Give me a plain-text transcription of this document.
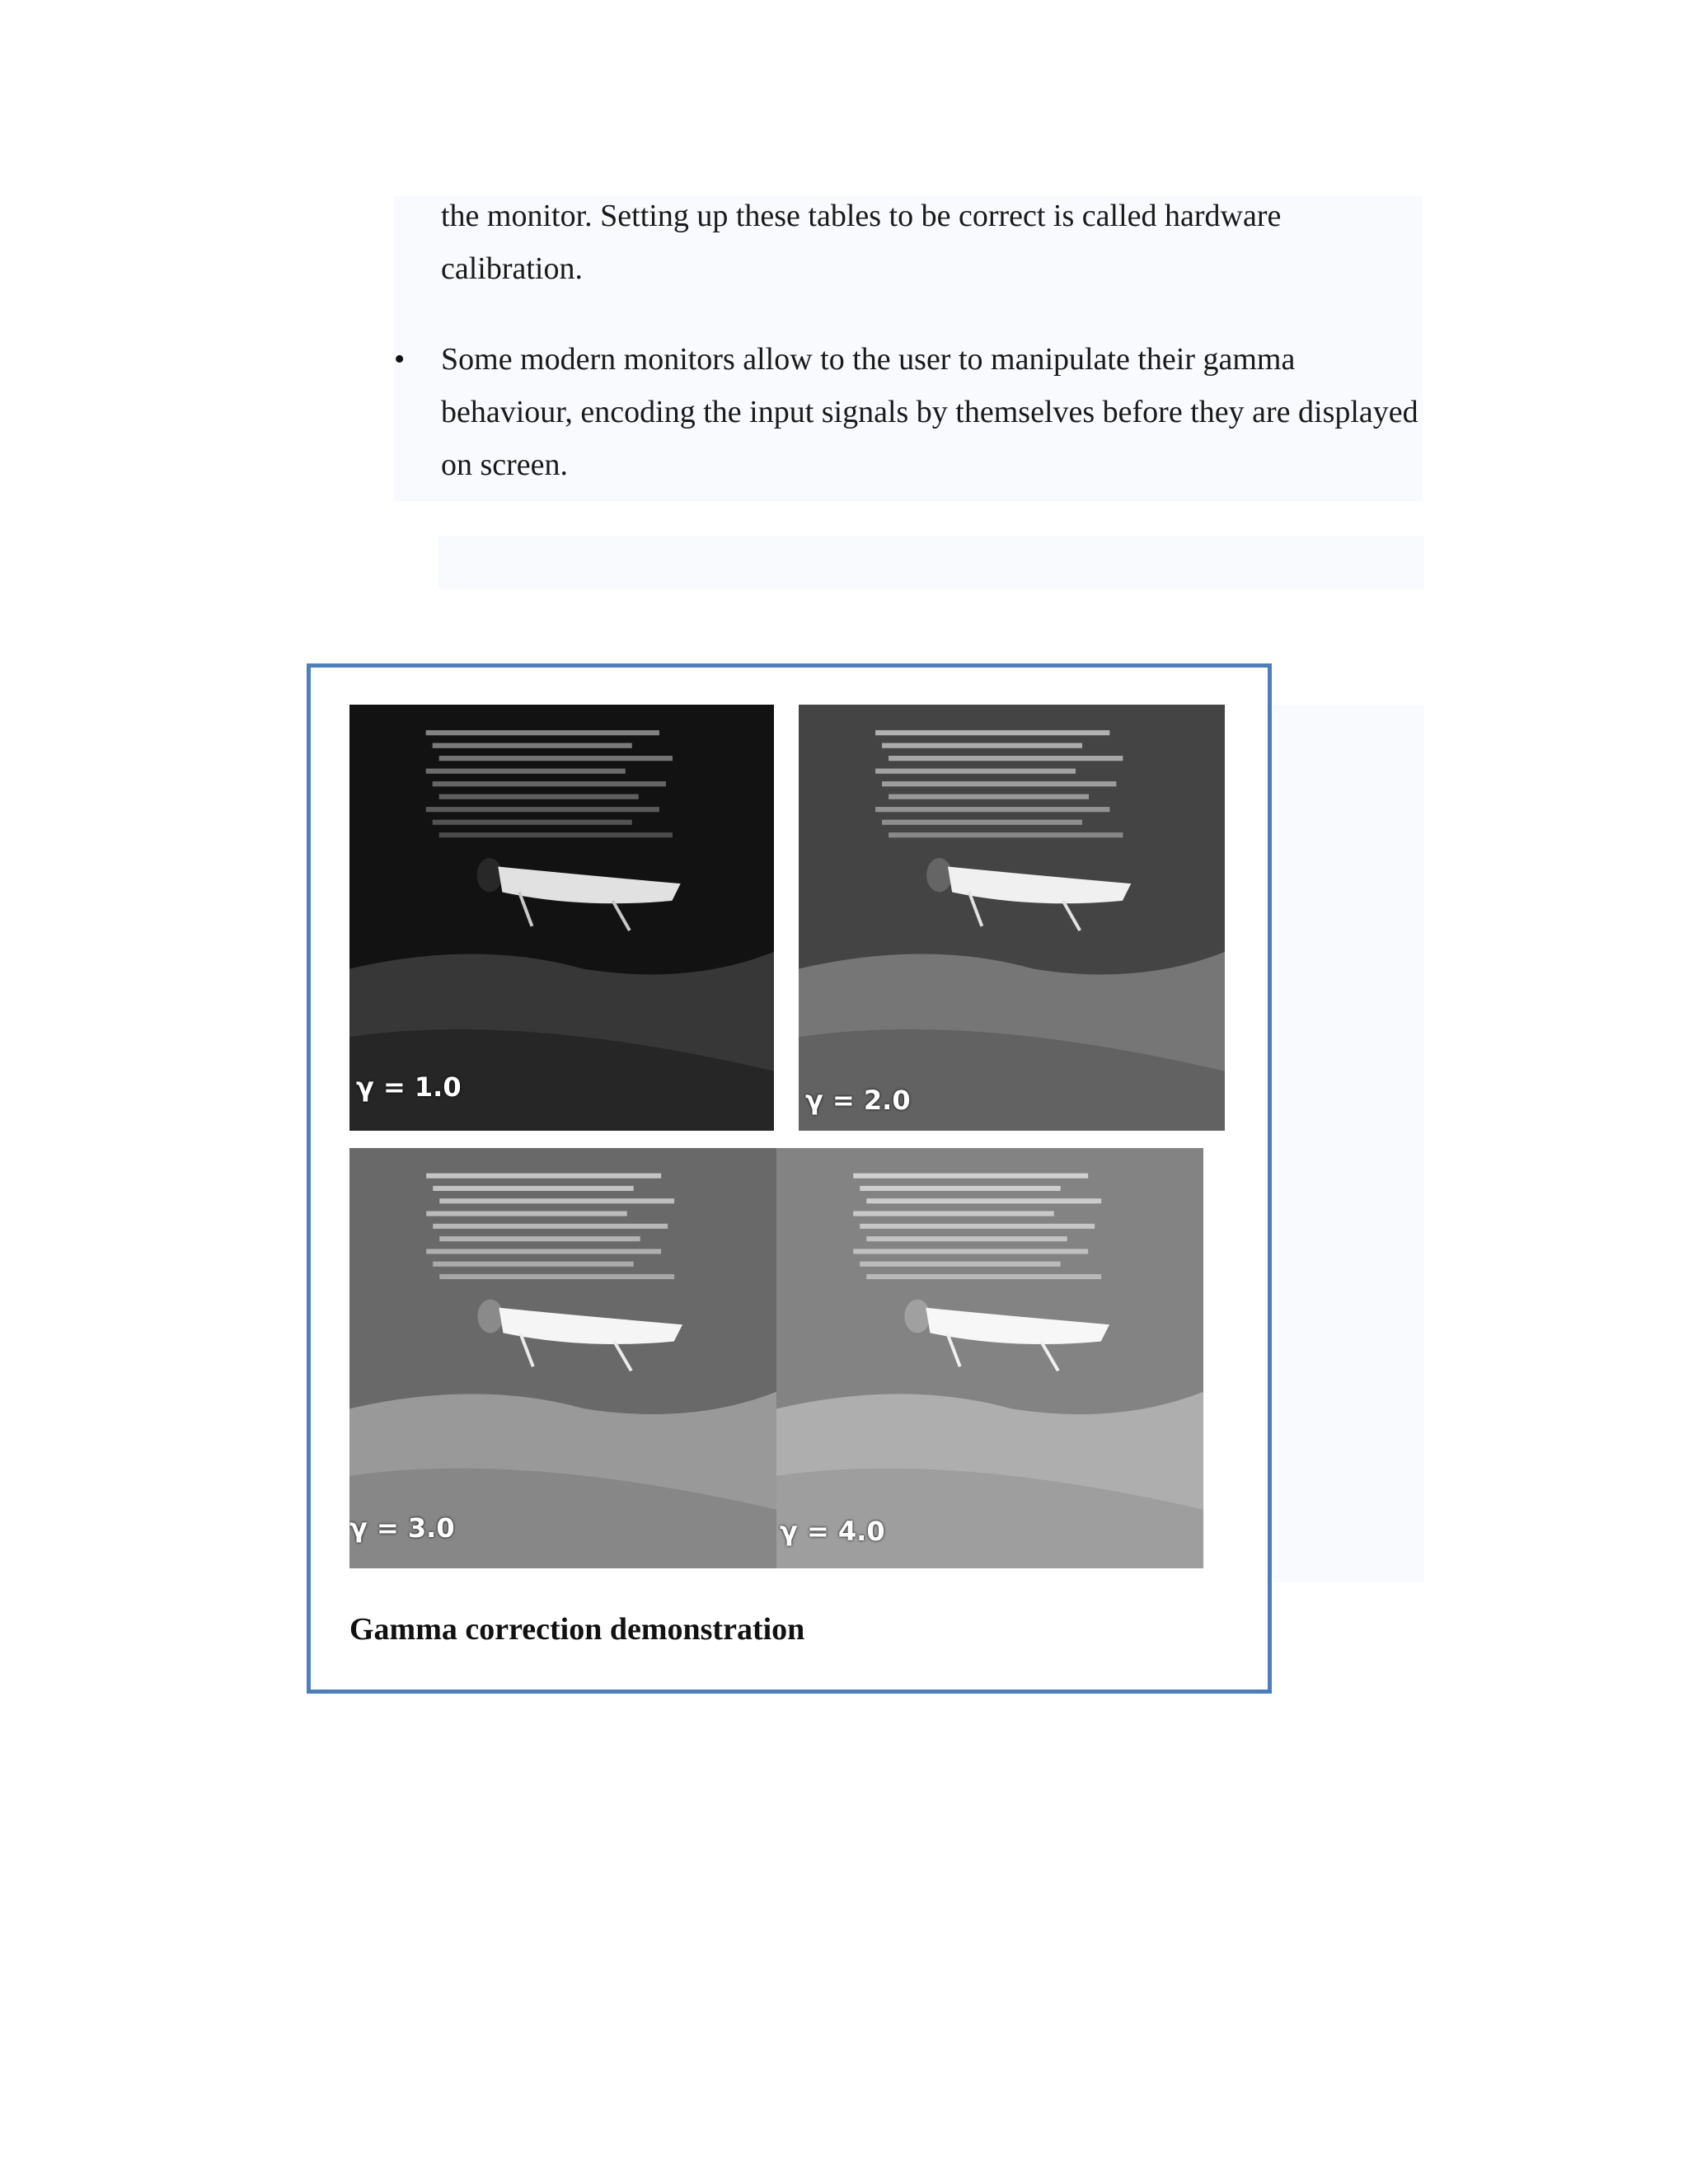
the monitor. Setting up these tables to be correct is called hardware
calibration.
• Some modern monitors allow to the user to manipulate their gamma
behaviour, encoding the input signals by themselves before they are displayed
on screen.
γ = 1.0	γ = 2.0
γ = 3.0	γ = 4.0
Gamma correction demonstration
